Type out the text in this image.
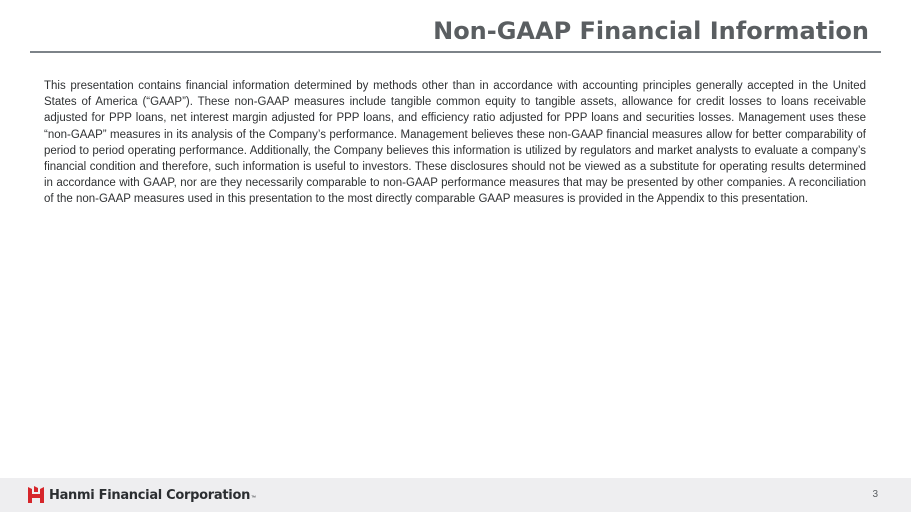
Non-GAAP Financial Information

This presentation contains financial information determined by methods other than in accordance with accounting principles generally accepted in the United States of America (“GAAP”). These non-GAAP measures include tangible common equity to tangible assets, allowance for credit losses to loans receivable adjusted for PPP loans, net interest margin adjusted for PPP loans, and efficiency ratio adjusted for PPP loans and securities losses. Management uses these “non-GAAP” measures in its analysis of the Company’s performance. Management believes these non-GAAP financial measures allow for better comparability of period to period operating performance. Additionally, the Company believes this information is utilized by regulators and market analysts to evaluate a company’s financial condition and therefore, such information is useful to investors. These disclosures should not be viewed as a substitute for operating results determined in accordance with GAAP, nor are they necessarily comparable to non-GAAP performance measures that may be presented by other companies. A reconciliation of the non-GAAP measures used in this presentation to the most directly comparable GAAP measures is provided in the Appendix to this presentation.

Hanmi Financial Corporation ™	3
